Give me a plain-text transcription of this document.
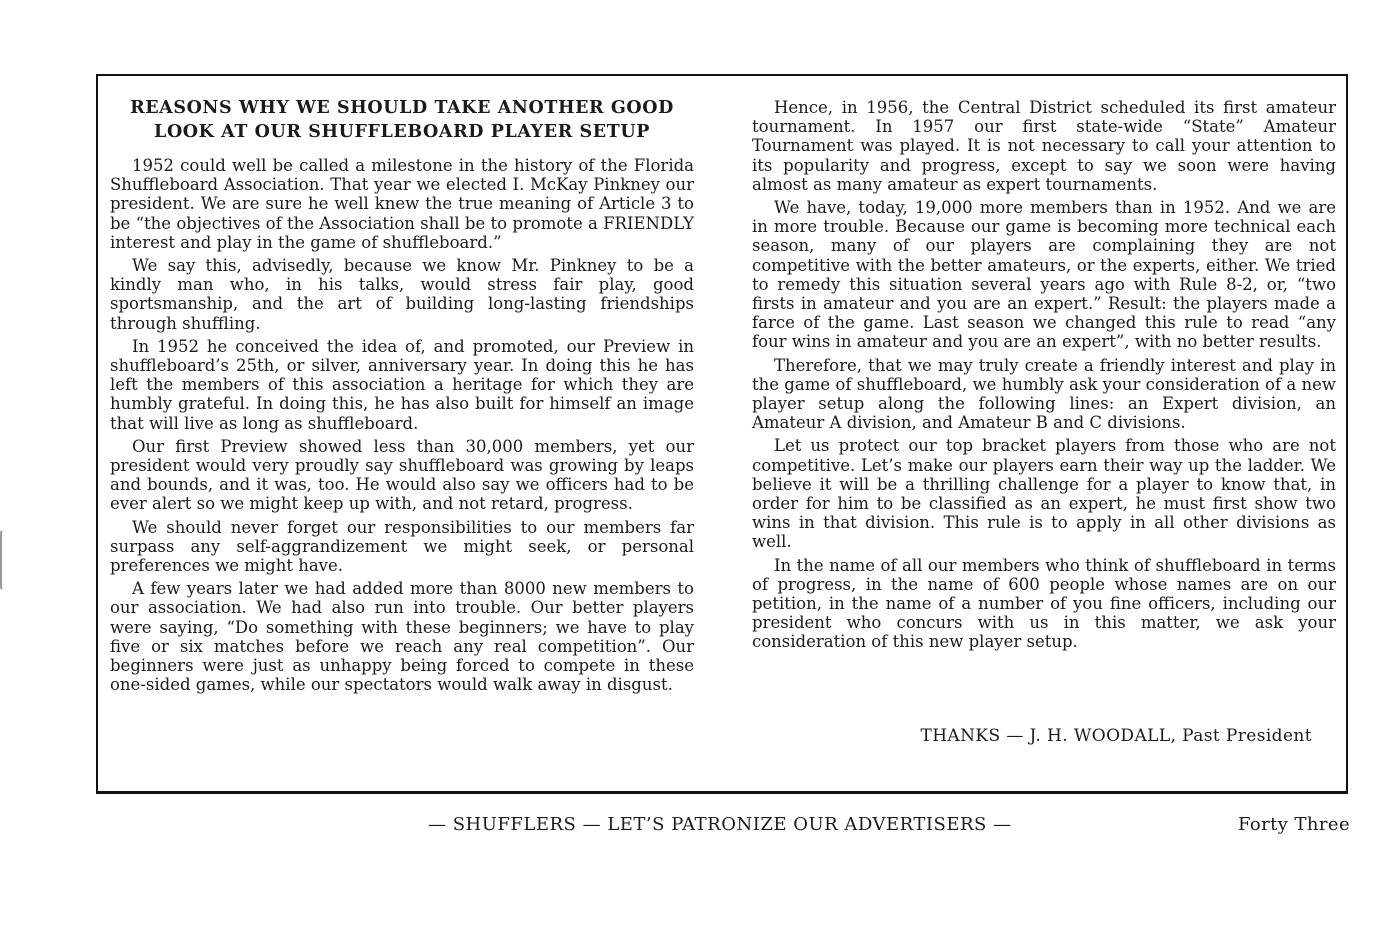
REASONS WHY WE SHOULD TAKE ANOTHER GOOD
LOOK AT OUR SHUFFLEBOARD PLAYER SETUP

1952 could well be called a milestone in the history of the Florida Shuffleboard Association. That year we elected I. McKay Pinkney our president. We are sure he well knew the true meaning of Article 3 to be “the objectives of the Association shall be to promote a FRIENDLY interest and play in the game of shuffleboard.”

We say this, advisedly, because we know Mr. Pinkney to be a kindly man who, in his talks, would stress fair play, good sportsmanship, and the art of building long-lasting friendships through shuffling.

In 1952 he conceived the idea of, and promoted, our Preview in shuffleboard’s 25th, or silver, anniversary year. In doing this he has left the members of this association a heritage for which they are humbly grateful. In doing this, he has also built for himself an image that will live as long as shuffleboard.

Our first Preview showed less than 30,000 members, yet our president would very proudly say shuffleboard was growing by leaps and bounds, and it was, too. He would also say we officers had to be ever alert so we might keep up with, and not retard, progress.

We should never forget our responsibilities to our members far surpass any self-aggrandizement we might seek, or personal preferences we might have.

A few years later we had added more than 8000 new members to our association. We had also run into trouble. Our better players were saying, “Do something with these beginners; we have to play five or six matches before we reach any real competition”. Our beginners were just as unhappy being forced to compete in these one-sided games, while our spectators would walk away in disgust.

Hence, in 1956, the Central District scheduled its first amateur tournament. In 1957 our first state-wide “State” Amateur Tournament was played. It is not necessary to call your attention to its popularity and progress, except to say we soon were having almost as many amateur as expert tournaments.

We have, today, 19,000 more members than in 1952. And we are in more trouble. Because our game is becoming more technical each season, many of our players are complaining they are not competitive with the better amateurs, or the experts, either. We tried to remedy this situation several years ago with Rule 8-2, or, “two firsts in amateur and you are an expert.” Result: the players made a farce of the game. Last season we changed this rule to read “any four wins in amateur and you are an expert”, with no better results.

Therefore, that we may truly create a friendly interest and play in the game of shuffleboard, we humbly ask your consideration of a new player setup along the following lines: an Expert division, an Amateur A division, and Amateur B and C divisions.

Let us protect our top bracket players from those who are not competitive. Let’s make our players earn their way up the ladder. We believe it will be a thrilling challenge for a player to know that, in order for him to be classified as an expert, he must first show two wins in that division. This rule is to apply in all other divisions as well.

In the name of all our members who think of shuffleboard in terms of progress, in the name of 600 people whose names are on our petition, in the name of a number of you fine officers, including our president who concurs with us in this matter, we ask your consideration of this new player setup.

THANKS — J. H. WOODALL, Past President
— SHUFFLERS — LET’S PATRONIZE OUR ADVERTISERS —	Forty Three
